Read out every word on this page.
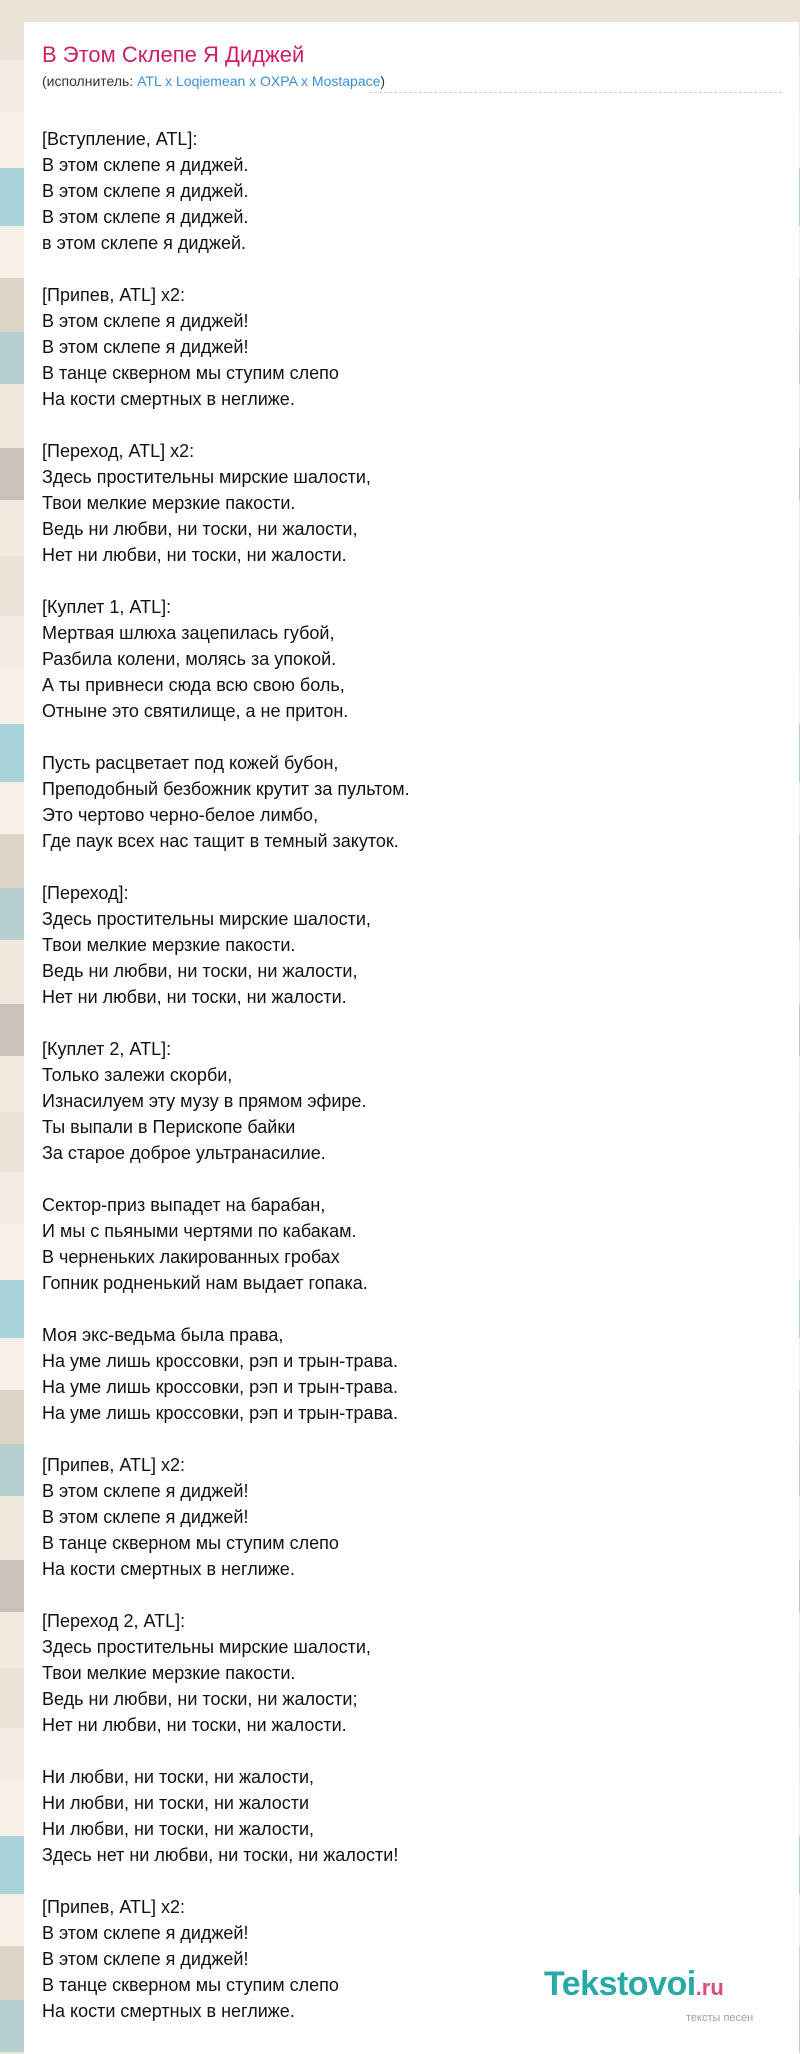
В Этом Склепе Я Диджей
(исполнитель: ATL x Loqiemean x OXPA x Mostapace)
[Вступление, ATL]:
В этом склепе я диджей.
В этом склепе я диджей.
В этом склепе я диджей.
в этом склепе я диджей.
[Припев, ATL] x2:
В этом склепе я диджей!
В этом склепе я диджей!
В танце скверном мы ступим слепо
На кости смертных в неглиже.
[Переход, ATL] x2:
Здесь простительны мирские шалости,
Твои мелкие мерзкие пакости.
Ведь ни любви, ни тоски, ни жалости,
Нет ни любви, ни тоски, ни жалости.
[Куплет 1, ATL]:
Мертвая шлюха зацепилась губой,
Разбила колени, молясь за упокой.
А ты привнеси сюда всю свою боль,
Отныне это святилище, а не притон.
Пусть расцветает под кожей бубон,
Преподобный безбожник крутит за пультом.
Это чертово черно-белое лимбо,
Где паук всех нас тащит в темный закуток.
[Переход]:
Здесь простительны мирские шалости,
Твои мелкие мерзкие пакости.
Ведь ни любви, ни тоски, ни жалости,
Нет ни любви, ни тоски, ни жалости.
[Куплет 2, ATL]:
Только залежи скорби,
Изнасилуем эту музу в прямом эфире.
Ты выпали в Перископе байки
За старое доброе ультранасилие.
Сектор-приз выпадет на барабан,
И мы с пьяными чертями по кабакам.
В черненьких лакированных гробах
Гопник родненький нам выдает гопака.
Моя экс-ведьма была права,
На уме лишь кроссовки, рэп и трын-трава.
На уме лишь кроссовки, рэп и трын-трава.
На уме лишь кроссовки, рэп и трын-трава.
[Припев, ATL] x2:
В этом склепе я диджей!
В этом склепе я диджей!
В танце скверном мы ступим слепо
На кости смертных в неглиже.
[Переход 2, ATL]:
Здесь простительны мирские шалости,
Твои мелкие мерзкие пакости.
Ведь ни любви, ни тоски, ни жалости;
Нет ни любви, ни тоски, ни жалости.
Ни любви, ни тоски, ни жалости,
Ни любви, ни тоски, ни жалости
Ни любви, ни тоски, ни жалости,
Здесь нет ни любви, ни тоски, ни жалости!
[Припев, ATL] x2:
В этом склепе я диджей!
В этом склепе я диджей!
В танце скверном мы ступим слепо
На кости смертных в неглиже.
Tekstovoi.ru
тексты песен
